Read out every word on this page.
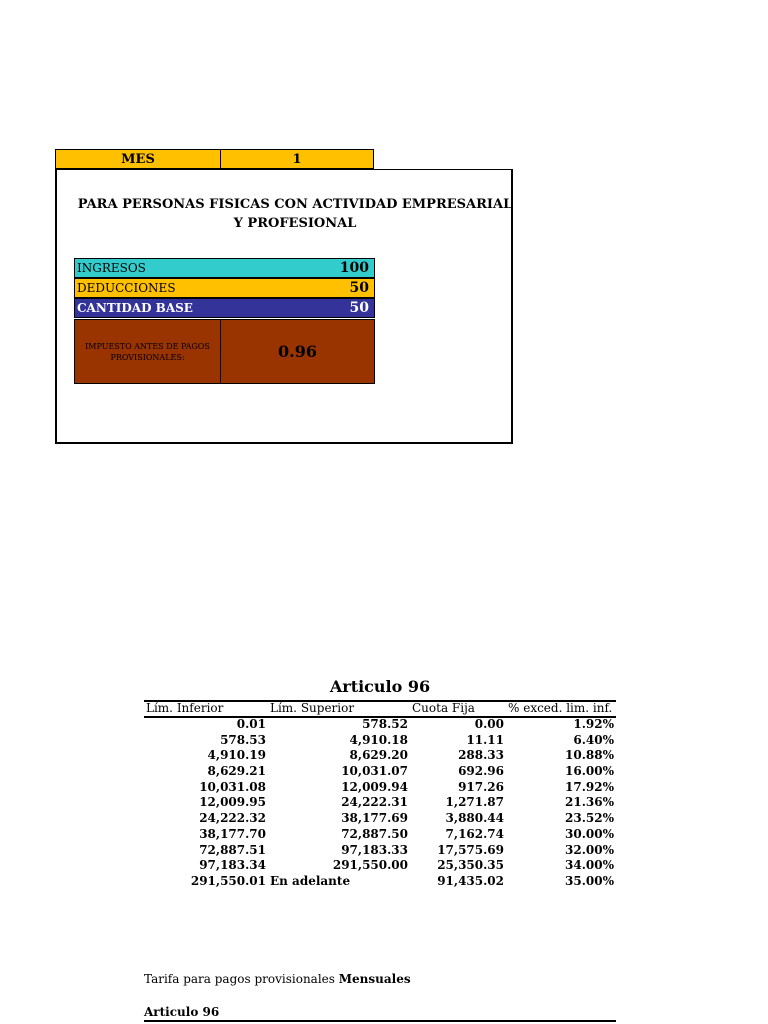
MES	1
PARA PERSONAS FISICAS CON ACTIVIDAD EMPRESARIAL Y PROFESIONAL
INGRESOS	100
DEDUCCIONES	50
CANTIDAD BASE	50
IMPUESTO ANTES DE PAGOS PROVISIONALES:	0.96
Articulo 96
Lím. Inferior	Lím. Superior	Cuota Fija	% exced. lim. inf.
0.01	578.52	0.00	1.92%
578.53	4,910.18	11.11	6.40%
4,910.19	8,629.20	288.33	10.88%
8,629.21	10,031.07	692.96	16.00%
10,031.08	12,009.94	917.26	17.92%
12,009.95	24,222.31	1,271.87	21.36%
24,222.32	38,177.69	3,880.44	23.52%
38,177.70	72,887.50	7,162.74	30.00%
72,887.51	97,183.33	17,575.69	32.00%
97,183.34	291,550.00	25,350.35	34.00%
291,550.01 En adelante	91,435.02	35.00%
Tarifa para pagos provisionales Mensuales
Articulo 96
